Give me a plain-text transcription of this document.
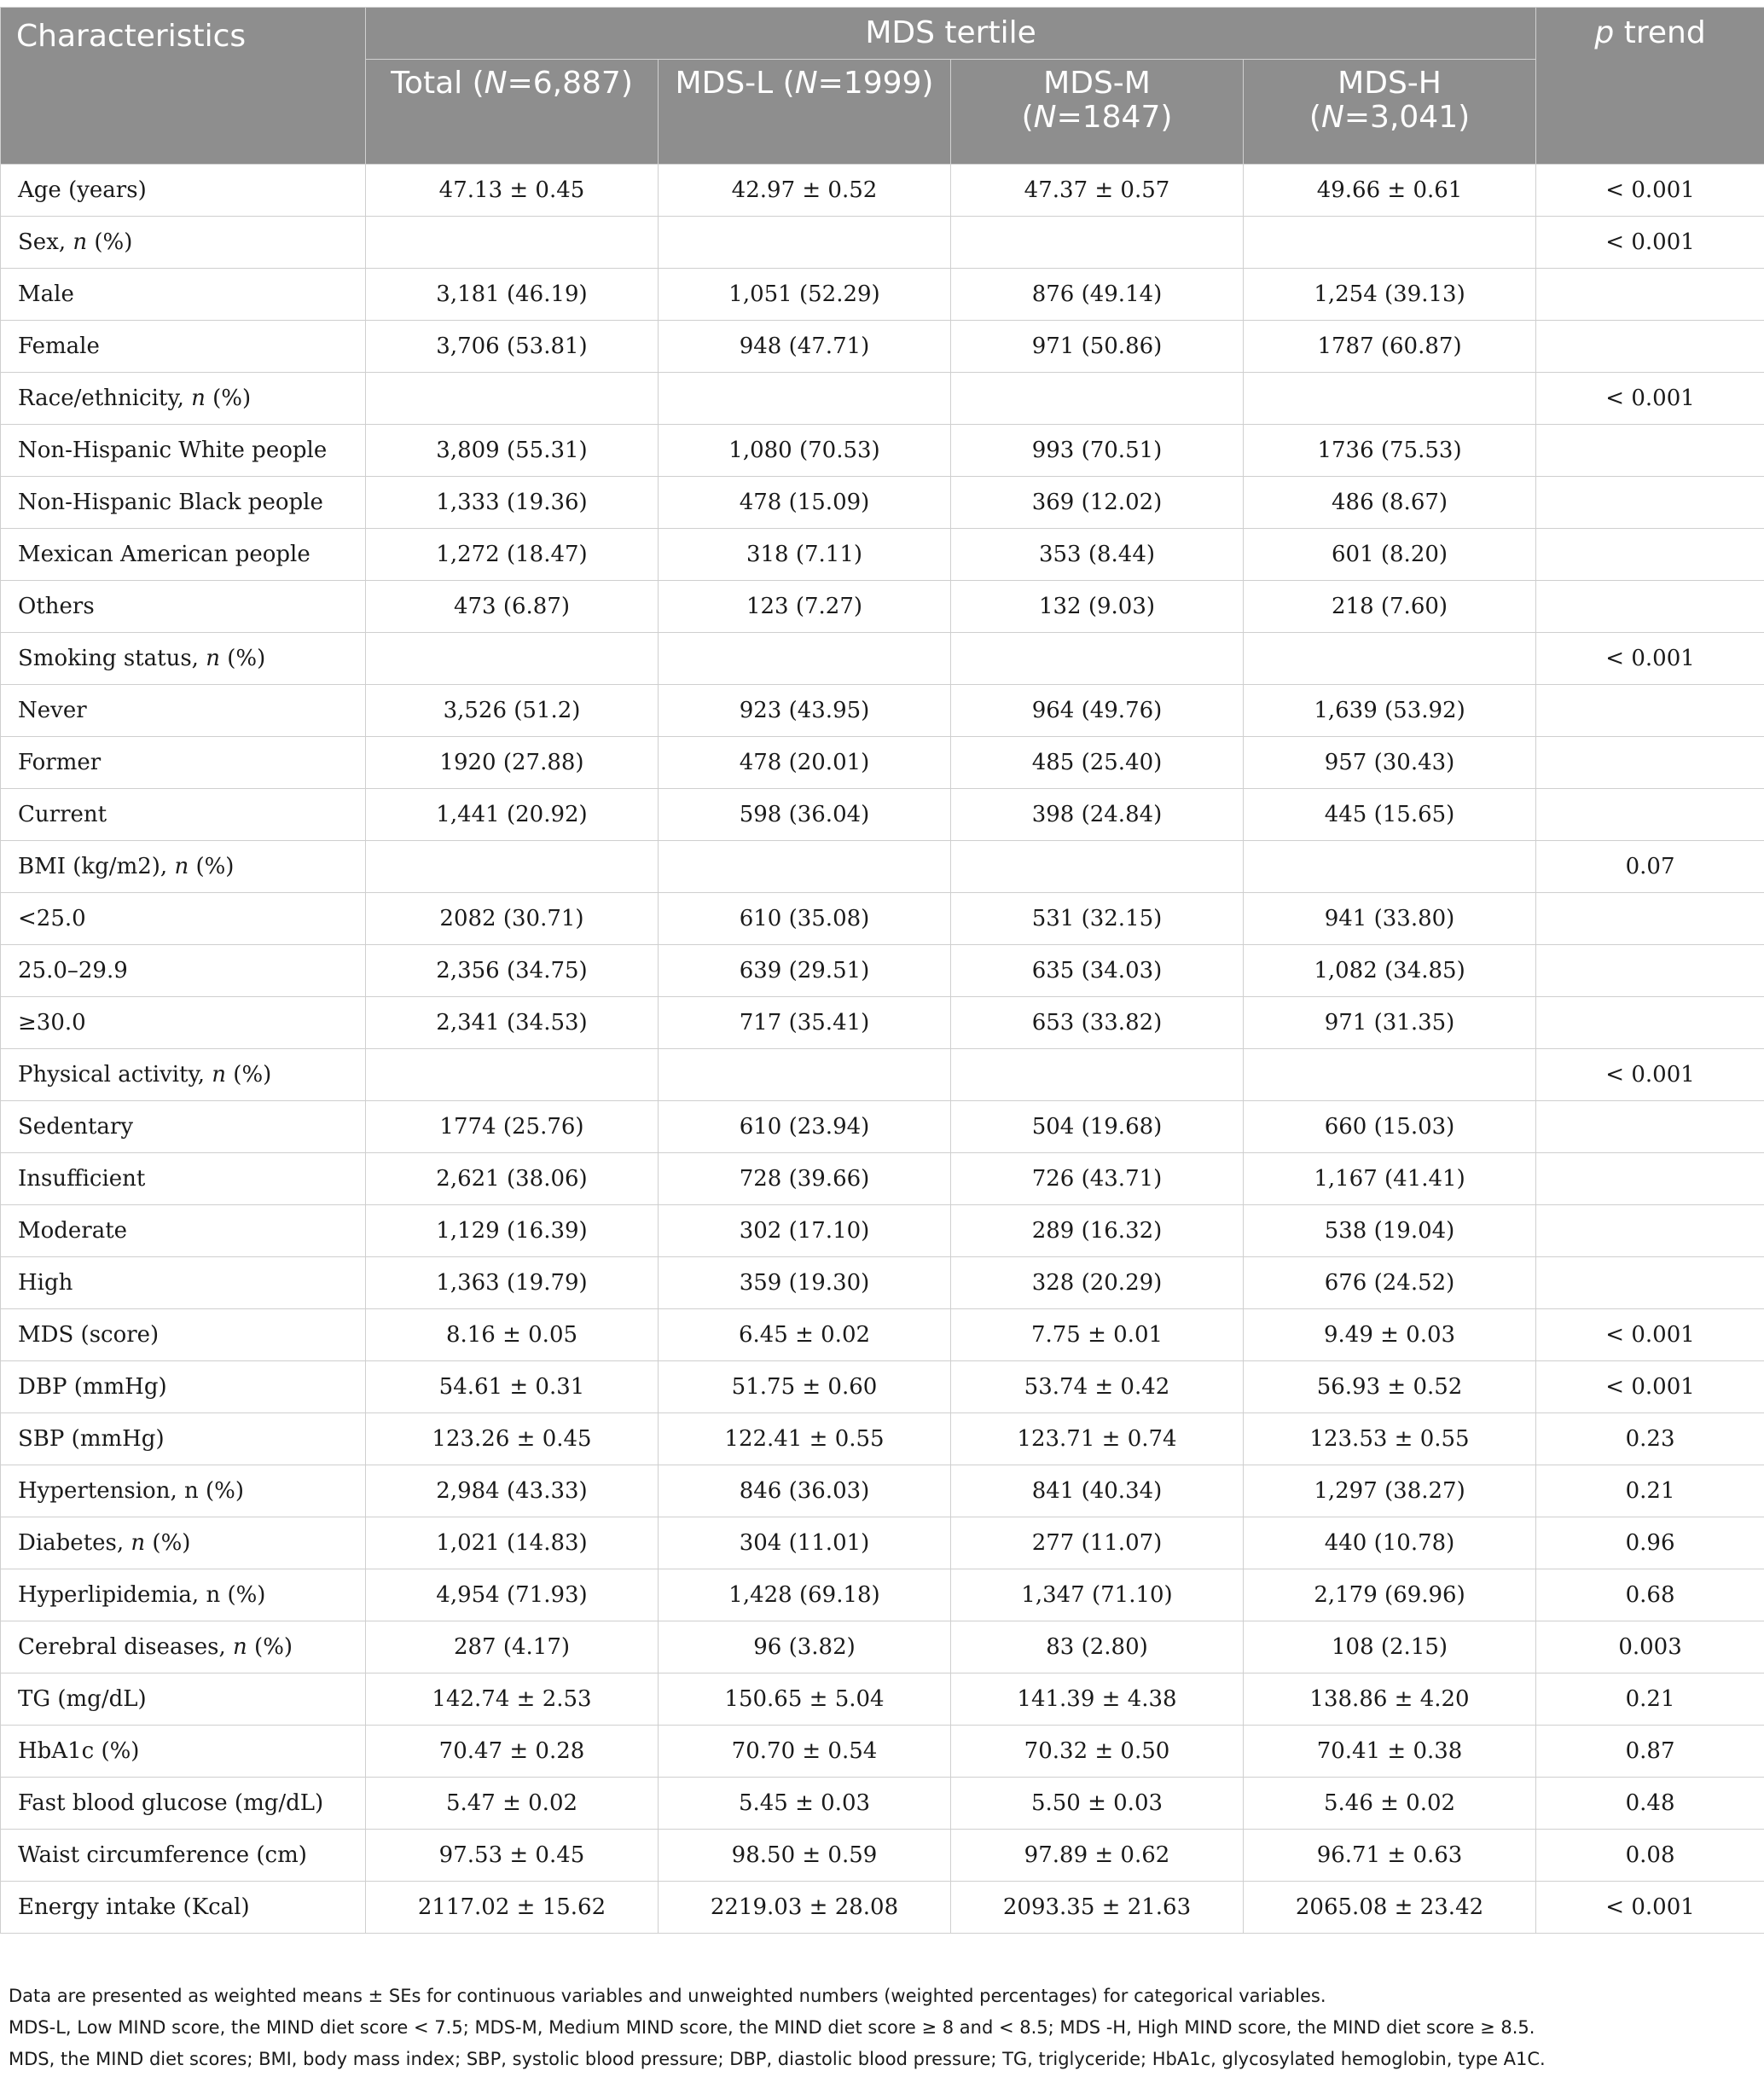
Characteristics	MDS tertile				p trend
	Total (N=6,887)	MDS-L (N=1999)	MDS-M (N=1847)	MDS-H (N=3,041)	
Age (years)	47.13 ± 0.45	42.97 ± 0.52	47.37 ± 0.57	49.66 ± 0.61	< 0.001
Sex, n (%)					< 0.001
Male	3,181 (46.19)	1,051 (52.29)	876 (49.14)	1,254 (39.13)	
Female	3,706 (53.81)	948 (47.71)	971 (50.86)	1787 (60.87)	
Race/ethnicity, n (%)					< 0.001
Non-Hispanic White people	3,809 (55.31)	1,080 (70.53)	993 (70.51)	1736 (75.53)	
Non-Hispanic Black people	1,333 (19.36)	478 (15.09)	369 (12.02)	486 (8.67)	
Mexican American people	1,272 (18.47)	318 (7.11)	353 (8.44)	601 (8.20)	
Others	473 (6.87)	123 (7.27)	132 (9.03)	218 (7.60)	
Smoking status, n (%)					< 0.001
Never	3,526 (51.2)	923 (43.95)	964 (49.76)	1,639 (53.92)	
Former	1920 (27.88)	478 (20.01)	485 (25.40)	957 (30.43)	
Current	1,441 (20.92)	598 (36.04)	398 (24.84)	445 (15.65)	
BMI (kg/m2), n (%)					0.07
<25.0	2082 (30.71)	610 (35.08)	531 (32.15)	941 (33.80)	
25.0–29.9	2,356 (34.75)	639 (29.51)	635 (34.03)	1,082 (34.85)	
≥30.0	2,341 (34.53)	717 (35.41)	653 (33.82)	971 (31.35)	
Physical activity, n (%)					< 0.001
Sedentary	1774 (25.76)	610 (23.94)	504 (19.68)	660 (15.03)	
Insufficient	2,621 (38.06)	728 (39.66)	726 (43.71)	1,167 (41.41)	
Moderate	1,129 (16.39)	302 (17.10)	289 (16.32)	538 (19.04)	
High	1,363 (19.79)	359 (19.30)	328 (20.29)	676 (24.52)	
MDS (score)	8.16 ± 0.05	6.45 ± 0.02	7.75 ± 0.01	9.49 ± 0.03	< 0.001
DBP (mmHg)	54.61 ± 0.31	51.75 ± 0.60	53.74 ± 0.42	56.93 ± 0.52	< 0.001
SBP (mmHg)	123.26 ± 0.45	122.41 ± 0.55	123.71 ± 0.74	123.53 ± 0.55	0.23
Hypertension, n (%)	2,984 (43.33)	846 (36.03)	841 (40.34)	1,297 (38.27)	0.21
Diabetes, n (%)	1,021 (14.83)	304 (11.01)	277 (11.07)	440 (10.78)	0.96
Hyperlipidemia, n (%)	4,954 (71.93)	1,428 (69.18)	1,347 (71.10)	2,179 (69.96)	0.68
Cerebral diseases, n (%)	287 (4.17)	96 (3.82)	83 (2.80)	108 (2.15)	0.003
TG (mg/dL)	142.74 ± 2.53	150.65 ± 5.04	141.39 ± 4.38	138.86 ± 4.20	0.21
HbA1c (%)	70.47 ± 0.28	70.70 ± 0.54	70.32 ± 0.50	70.41 ± 0.38	0.87
Fast blood glucose (mg/dL)	5.47 ± 0.02	5.45 ± 0.03	5.50 ± 0.03	5.46 ± 0.02	0.48
Waist circumference (cm)	97.53 ± 0.45	98.50 ± 0.59	97.89 ± 0.62	96.71 ± 0.63	0.08
Energy intake (Kcal)	2117.02 ± 15.62	2219.03 ± 28.08	2093.35 ± 21.63	2065.08 ± 23.42	< 0.001

Data are presented as weighted means ± SEs for continuous variables and unweighted numbers (weighted percentages) for categorical variables.

MDS-L, Low MIND score, the MIND diet score < 7.5; MDS-M, Medium MIND score, the MIND diet score ≥ 8 and < 8.5; MDS -H, High MIND score, the MIND diet score ≥ 8.5.

MDS, the MIND diet scores; BMI, body mass index; SBP, systolic blood pressure; DBP, diastolic blood pressure; TG, triglyceride; HbA1c, glycosylated hemoglobin, type A1C.
